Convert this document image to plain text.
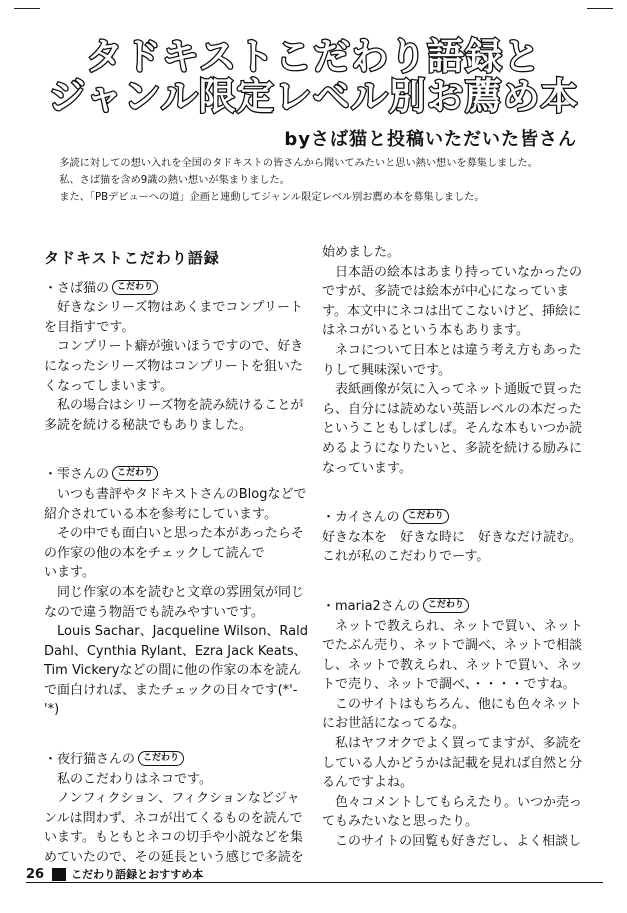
タドキストこだわり語録と
ジャンル限定レベル別お薦め本
byさば猫と投稿いただいた皆さん

多読に対しての想い入れを全国のタドキストの皆さんから聞いてみたいと思い熱い想いを募集しました。

私、さば猫を含め9識の熱い想いが集まりました。

また、「PBデビューへの道」企画と連動してジャンル限定レベル別お薦め本を募集しました。

タドキストこだわり語録

・さば猫の こだわり

好きなシリーズ物はあくまでコンプリートを目指すです。

コンプリート癖が強いほうですので、好きになったシリーズ物はコンプリートを狙いたくなってしまいます。

私の場合はシリーズ物を読み続けることが多読を続ける秘訣でもありました。

・雫さんの こだわり

いつも書評やタドキストさんのBlogなどで紹介されている本を参考にしています。

その中でも面白いと思った本があったらその作家の他の本をチェックして読んで

います。

同じ作家の本を読むと文章の雰囲気が同じなので違う物語でも読みやすいです。

Louis Sachar、Jacqueline Wilson、Rald Dahl、Cynthia Rylant、Ezra Jack Keats、Tim Vickeryなどの間に他の作家の本を読んで面白ければ、またチェックの日々です(*'-'*)

・夜行猫さんの こだわり

私のこだわりはネコです。

ノンフィクション、フィクションなどジャンルは問わず、ネコが出てくるものを読んでいます。もともとネコの切手や小説などを集めていたので、その延長という感じで多読を

始めました。

日本語の絵本はあまり持っていなかったのですが、多読では絵本が中心になっています。本文中にネコは出てこないけど、挿絵にはネコがいるという本もあります。

ネコについて日本とは違う考え方もあったりして興味深いです。

表紙画像が気に入ってネット通販で買ったら、自分には読めない英語レベルの本だったということもしばしば。そんな本もいつか読めるようになりたいと、多読を続ける励みになっています。

・カイさんの こだわり

好きな本を　好きな時に　好きなだけ読む。

これが私のこだわりでーす。

・maria2さんの こだわり

ネットで教えられ、ネットで買い、ネットでたぶん売り、ネットで調べ、ネットで相談し、ネットで教えられ、ネットで買い、ネットで売り、ネットで調べ、・・・・ですね。

このサイトはもちろん、他にも色々ネットにお世話になってるな。

私はヤフオクでよく買ってますが、多読をしている人かどうかは記載を見れば自然と分るんですよね。

色々コメントしてもらえたり。いつか売ってもみたいなと思ったり。

このサイトの回覧も好きだし、よく相談し

26 こだわり語録とおすすめ本
